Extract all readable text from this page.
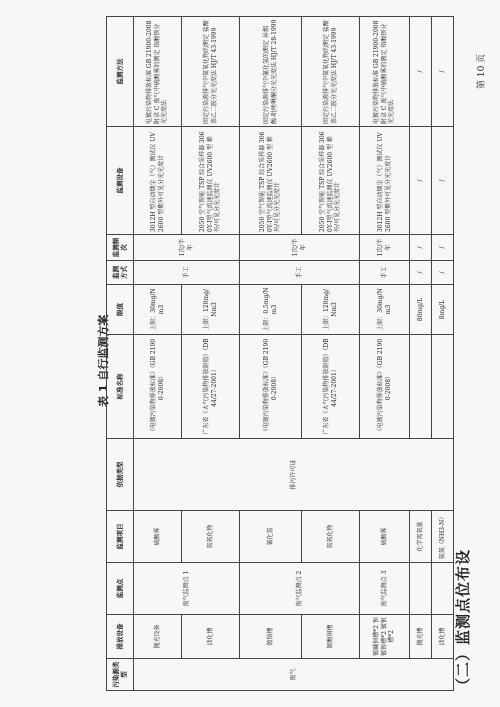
（二）监测点位布设
表 1 自行监测方案
污染源类型	排放设备	监测点	监测项目	依据类型	标准名称	限值	监测方式	监测频次	监测设备	监测方法
废气	抛光设备	废气监测点 1	硫酸雾	排污许可证	《电镀污染物排放标准》（GB 21900-2008）	上限：30mg/Nm3	手工	1次/半年	3012H 型自动烟尘（气）测试仪 UV2600 型紫外可见分光光度计	电镀污染物排放标准 GB 21900-2008 附录 C 废气中硫酸雾的测定 铬酸钡分光光度法
	活化槽		氮氧化物		广东省《大气污染物排放限值》（DB44/27-2001）	上限：120mg/Nm3			2050 空气智能 TSP 综合采样器 3060Y-I型气流速监测仪 UV2600 型 紫外/可见分光光度计	固定污染源排气中氮氧化物的测定 盐酸萘乙二胺分光光度法 HJ/T 43-1999
	镀铬槽	废气监测点 2	氰化氢		《电镀污染物排放标准》（GB 21900-2008）	上限：0.5mg/Nm3	手工	1次/半年	2050 空气智能 TSP 综合采样器 3060Y-I型气流速监测仪 UV2600 型 紫外/可见分光光度计	固定污染源排气中氰化氢的测定 异烟酸-吡唑啉酮分光光度法 HJ/T 28-1999
	镀酸铜槽		氮氧化物		广东省《大气污染物排放限值》（DB44/27-2001）	上限：120mg/Nm3			2050 空气智能 TSP 综合采样器 3060Y-I型气流速监测仪 UV2600 型 紫外/可见分光光度计	固定污染源排气中氮氧化物的测定 盐酸萘乙二胺分光光度法 HJ/T 43-1999
	镀碱铜槽*2 预镀银槽*2 镀银槽*2	废气监测点 3	硫酸雾		《电镀污染物排放标准》（GB 21900-2008）	上限：30mg/Nm3	手工	1次/半年	3012H 型自动烟尘（气）测试仪 UV2600 型紫外可见分光光度计	电镀污染物排放标准 GB 21900-2008 附录 C 废气中硫酸雾的测定 铬酸钡分光光度法
	抛光槽		化学需氧量			80mg/L	/	/	/	/
	活化槽		氨氮（NH3-N）			8mg/L	/	/	/	/	第 10 页
